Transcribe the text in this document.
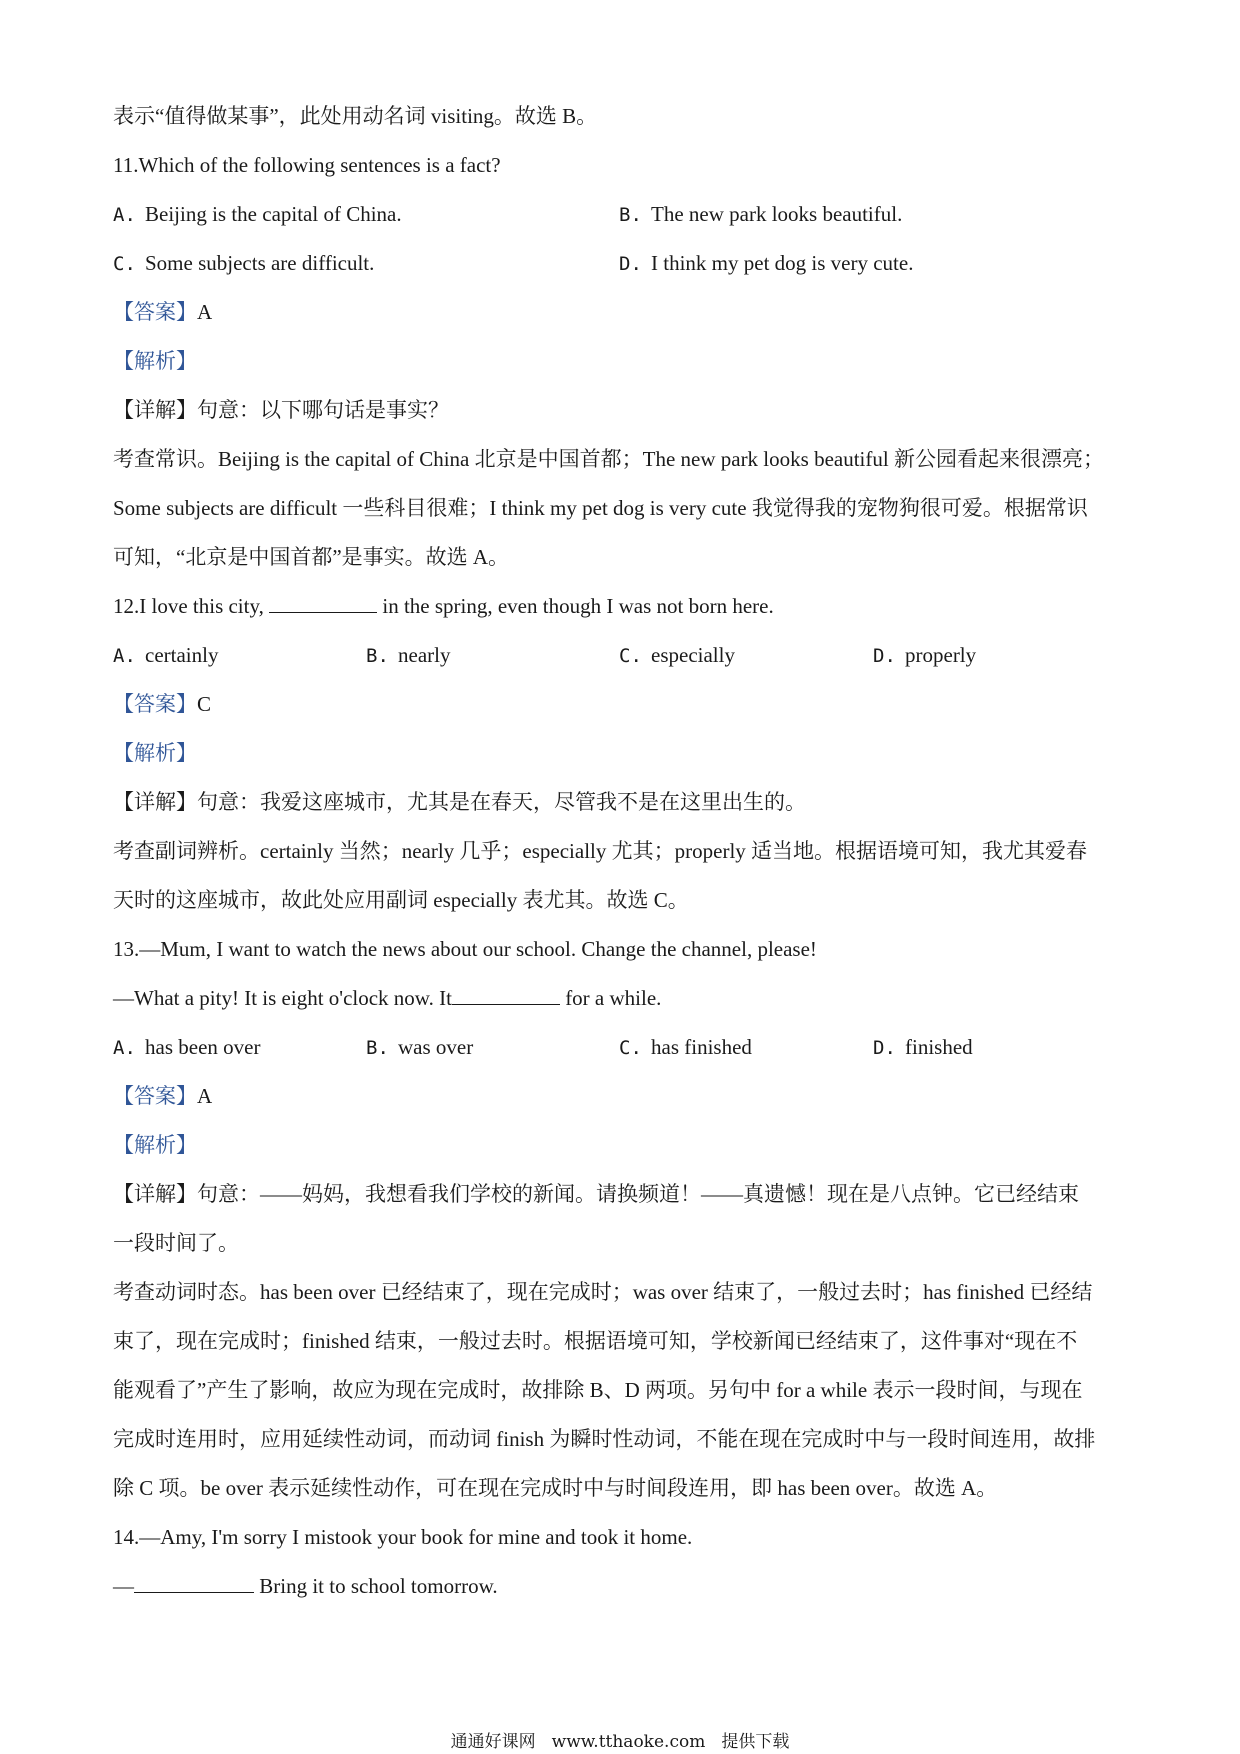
表示“值得做某事”，此处用动名词 visiting。故选 B。
11.Which of the following sentences is a fact?
A. Beijing is the capital of China.	B. The new park looks beautiful.
C. Some subjects are difficult.	D. I think my pet dog is very cute.
【答案】A
【解析】
【详解】句意：以下哪句话是事实？
考查常识。Beijing is the capital of China 北京是中国首都；The new park looks beautiful 新公园看起来很漂亮；
Some subjects are difficult 一些科目很难；I think my pet dog is very cute 我觉得我的宠物狗很可爱。根据常识
可知，“北京是中国首都”是事实。故选 A。
12.I love this city,	in the spring, even though I was not born here.
A. certainly	B. nearly	C. especially	D. properly
【答案】C
【解析】
【详解】句意：我爱这座城市，尤其是在春天，尽管我不是在这里出生的。
考查副词辨析。certainly 当然；nearly 几乎；especially 尤其；properly 适当地。根据语境可知，我尤其爱春
天时的这座城市，故此处应用副词 especially 表尤其。故选 C。
13.—Mum, I want to watch the news about our school. Change the channel, please!
—What a pity! It is eight o'clock now. It	for a while.
A. has been over	B. was over	C. has finished	D. finished
【答案】A
【解析】
【详解】句意：——妈妈，我想看我们学校的新闻。请换频道！——真遗憾！现在是八点钟。它已经结束
一段时间了。
考查动词时态。has been over 已经结束了，现在完成时；was over 结束了，一般过去时；has finished 已经结
束了，现在完成时；finished 结束，一般过去时。根据语境可知，学校新闻已经结束了，这件事对“现在不
能观看了”产生了影响，故应为现在完成时，故排除 B、D 两项。另句中 for a while 表示一段时间，与现在
完成时连用时，应用延续性动词，而动词 finish 为瞬时性动词，不能在现在完成时中与一段时间连用，故排
除 C 项。be over 表示延续性动作，可在现在完成时中与时间段连用，即 has been over。故选 A。
14.—Amy, I'm sorry I mistook your book for mine and took it home.
—	Bring it to school tomorrow.
通通好课网 www.tthaoke.com 提供下载
